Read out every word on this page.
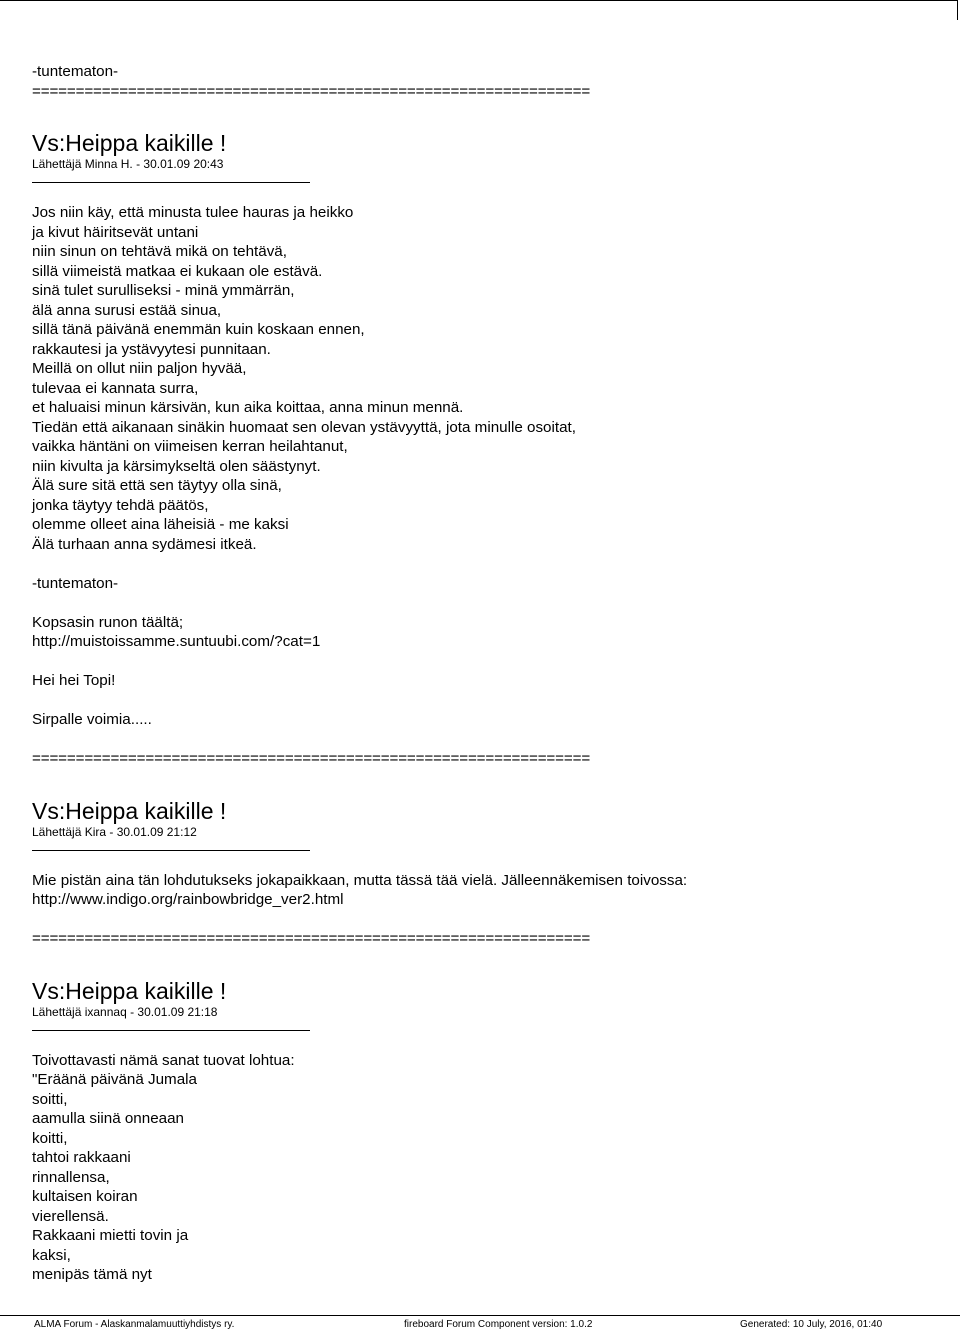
-tuntematon-

================================================================

Vs:Heippa kaikille !

Lähettäjä Minna H. - 30.01.09 20:43

Jos niin käy, että minusta tulee hauras ja heikko

ja kivut häiritsevät untani

niin sinun on tehtävä mikä on tehtävä,

sillä viimeistä matkaa ei kukaan ole estävä.

sinä tulet surulliseksi - minä ymmärrän,

älä anna surusi estää sinua,

sillä tänä päivänä enemmän kuin koskaan ennen,

rakkautesi ja ystävyytesi punnitaan.

Meillä on ollut niin paljon hyvää,

tulevaa ei kannata surra,

et haluaisi minun kärsivän, kun aika koittaa, anna minun mennä.

Tiedän että aikanaan sinäkin huomaat sen olevan ystävyyttä, jota minulle osoitat,

vaikka häntäni on viimeisen kerran heilahtanut,

niin kivulta ja kärsimykseltä olen säästynyt.

Älä sure sitä että sen täytyy olla sinä,

jonka täytyy tehdä päätös,

olemme olleet aina läheisiä - me kaksi

Älä turhaan anna sydämesi itkeä.

-tuntematon-

Kopsasin runon täältä;

http://muistoissamme.suntuubi.com/?cat=1

Hei hei Topi!

Sirpalle voimia.....

================================================================

Vs:Heippa kaikille !

Lähettäjä Kira - 30.01.09 21:12

Mie pistän aina tän lohdutukseks jokapaikkaan, mutta tässä tää vielä. Jälleennäkemisen toivossa:

http://www.indigo.org/rainbowbridge_ver2.html

================================================================

Vs:Heippa kaikille !

Lähettäjä ixannaq - 30.01.09 21:18

Toivottavasti nämä sanat tuovat lohtua:

"Eräänä päivänä Jumala

soitti,

aamulla siinä onneaan

koitti,

tahtoi rakkaani

rinnallensa,

kultaisen koiran

vierellensä.

Rakkaani mietti tovin ja

kaksi,

menipäs tämä nyt

ALMA Forum - Alaskanmalamuuttiyhdistys ry.	fireboard Forum Component version: 1.0.2	Generated: 10 July, 2016, 01:40
